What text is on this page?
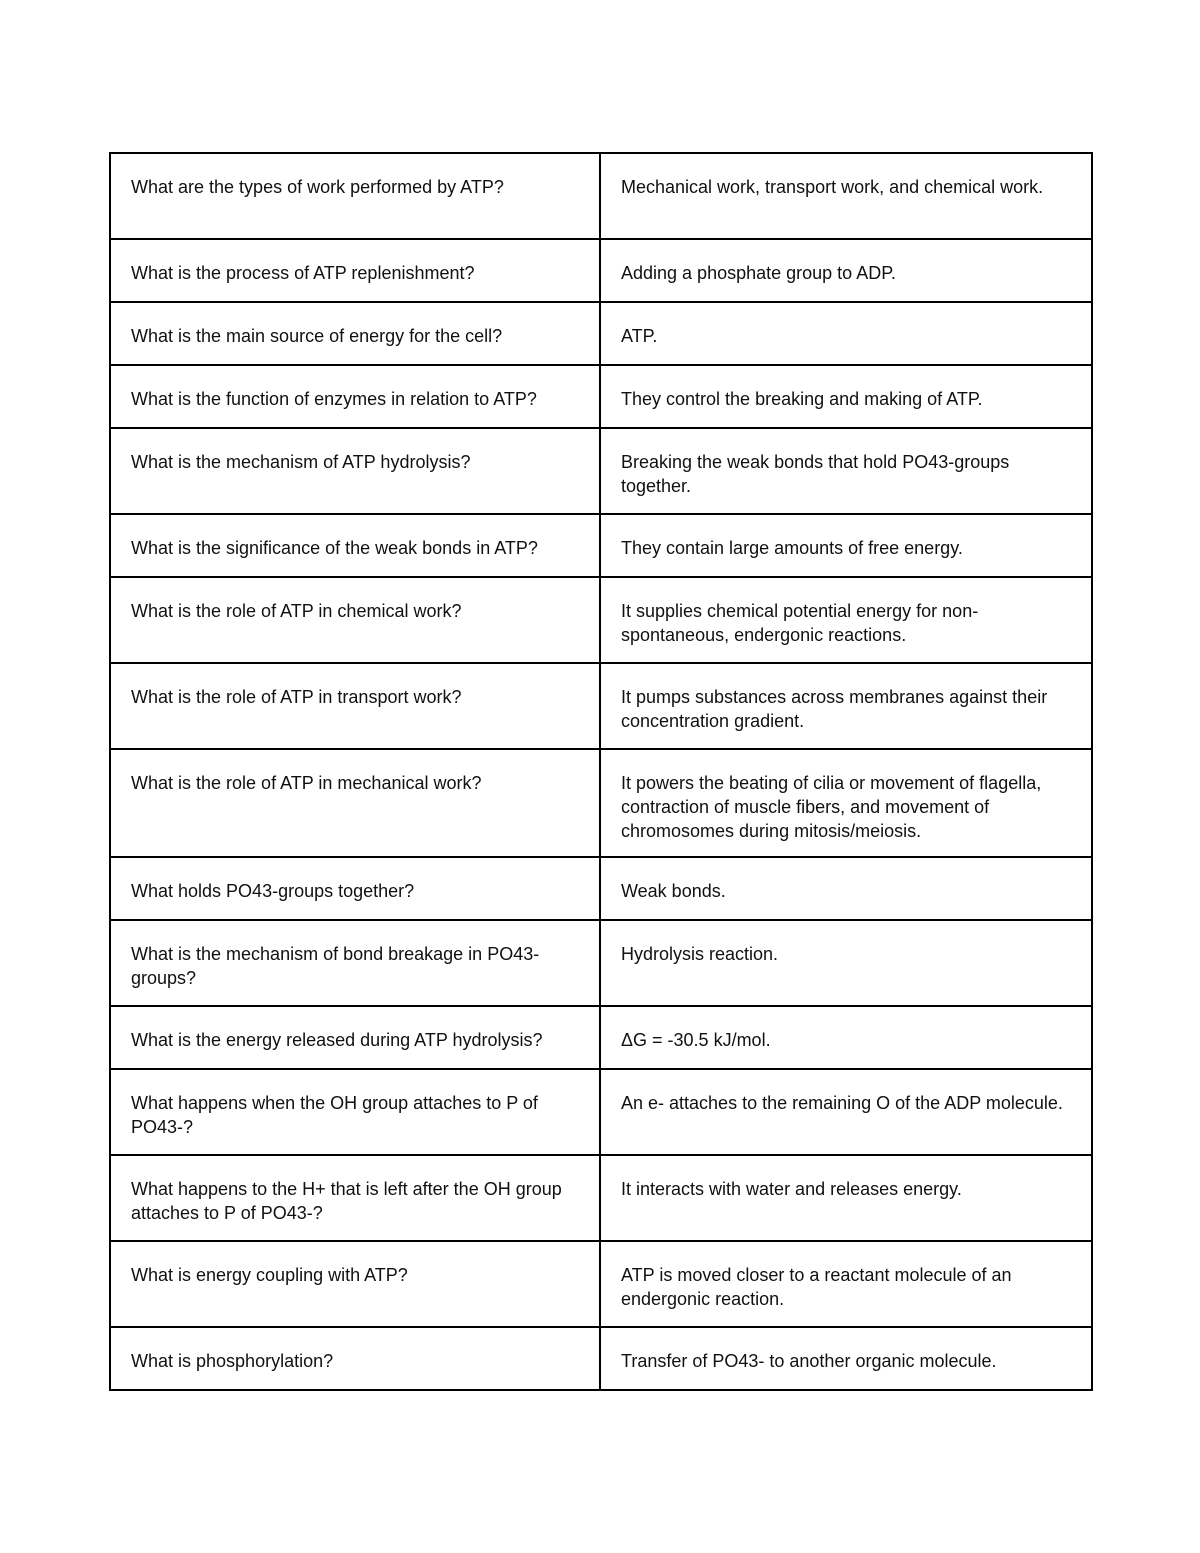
What are the types of work performed by ATP?	Mechanical work, transport work, and chemical work.
What is the process of ATP replenishment?	Adding a phosphate group to ADP.
What is the main source of energy for the cell?	ATP.
What is the function of enzymes in relation to ATP?	They control the breaking and making of ATP.
What is the mechanism of ATP hydrolysis?	Breaking the weak bonds that hold PO43-groups together.
What is the significance of the weak bonds in ATP?	They contain large amounts of free energy.
What is the role of ATP in chemical work?	It supplies chemical potential energy for non-spontaneous, endergonic reactions.
What is the role of ATP in transport work?	It pumps substances across membranes against their concentration gradient.
What is the role of ATP in mechanical work?	It powers the beating of cilia or movement of flagella, contraction of muscle fibers, and movement of chromosomes during mitosis/meiosis.
What holds PO43-groups together?	Weak bonds.
What is the mechanism of bond breakage in PO43-groups?	Hydrolysis reaction.
What is the energy released during ATP hydrolysis?	ΔG = -30.5 kJ/mol.
What happens when the OH group attaches to P of PO43-?	An e- attaches to the remaining O of the ADP molecule.
What happens to the H+ that is left after the OH group attaches to P of PO43-?	It interacts with water and releases energy.
What is energy coupling with ATP?	ATP is moved closer to a reactant molecule of an endergonic reaction.
What is phosphorylation?	Transfer of PO43- to another organic molecule.
